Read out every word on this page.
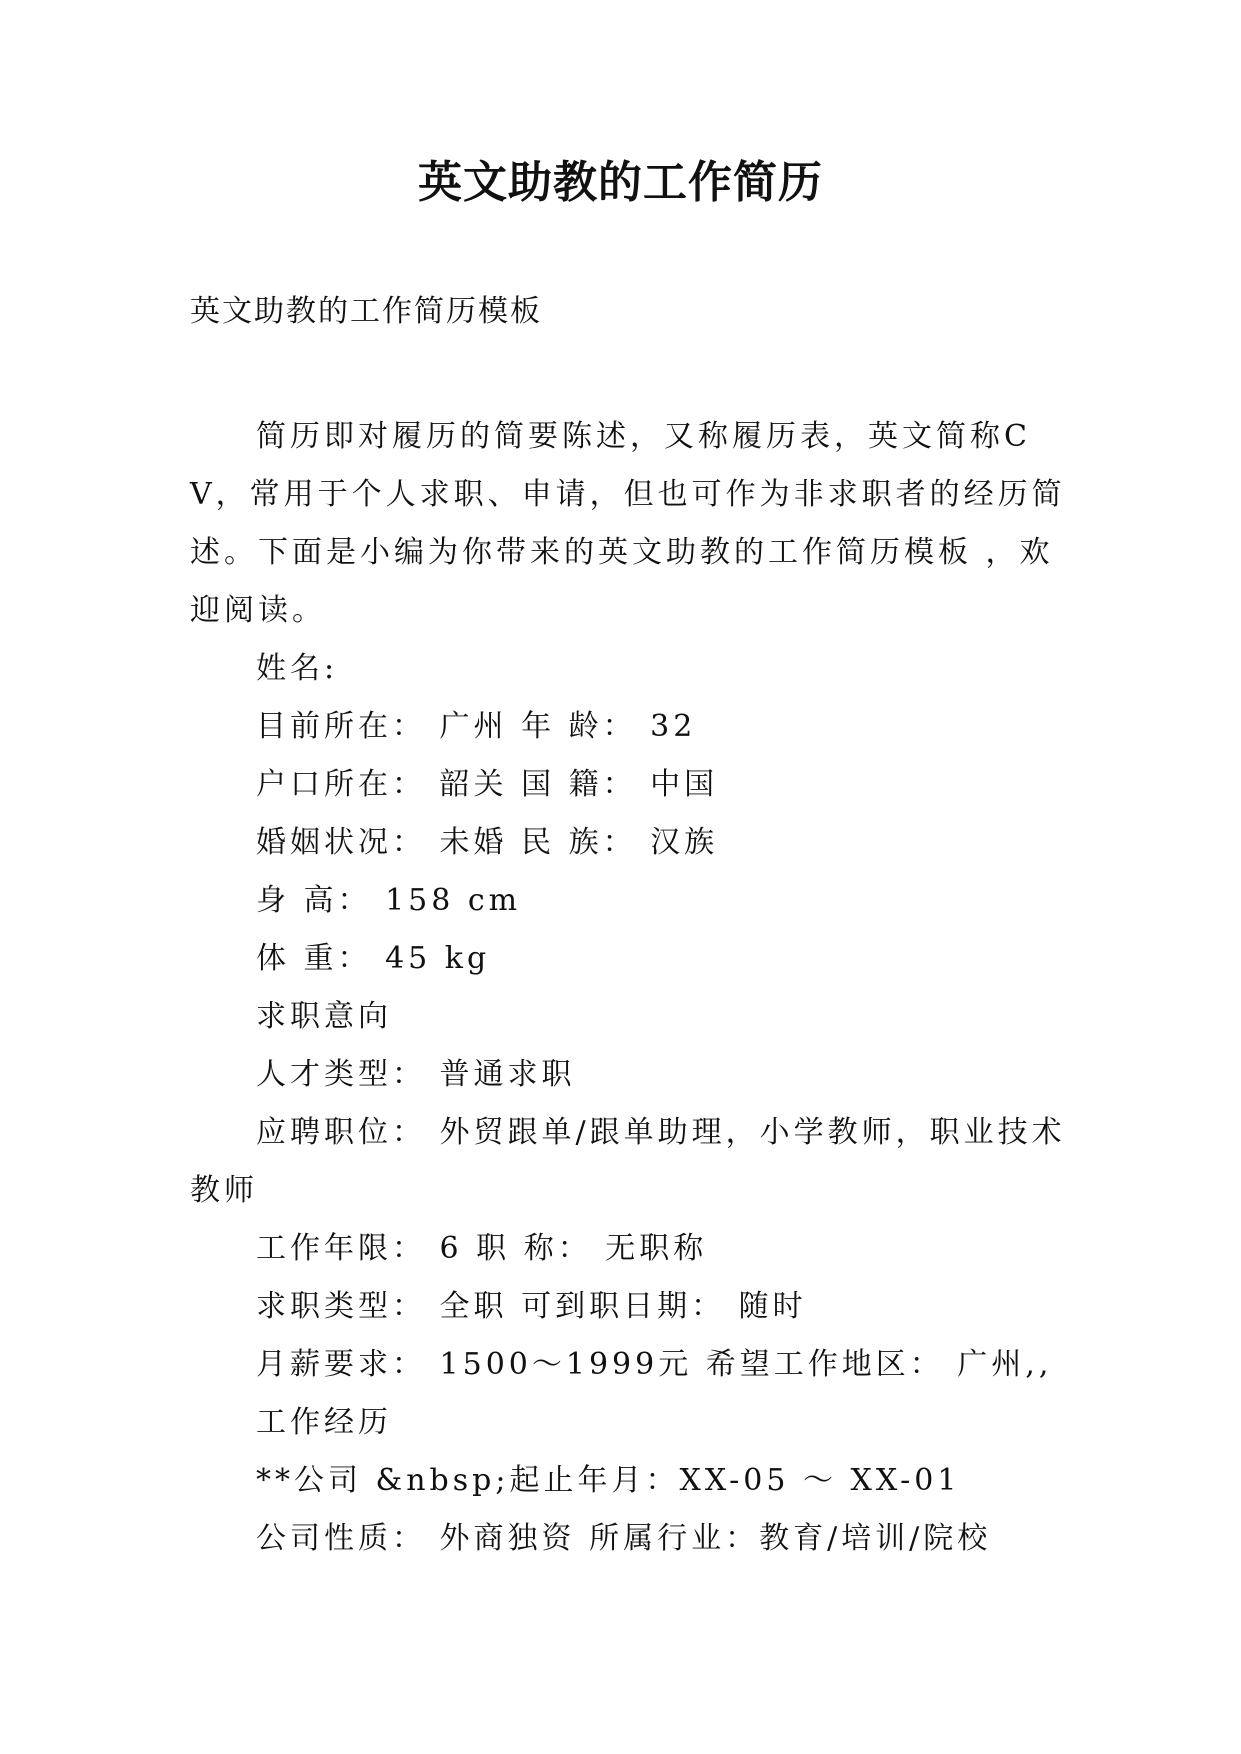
英文助教的工作简历

英文助教的工作简历模板

简历即对履历的简要陈述，又称履历表，英文简称CV，常用于个人求职、申请，但也可作为非求职者的经历简述。下面是小编为你带来的英文助教的工作简历模板 ，欢迎阅读。

姓名:

目前所在： 广州 年 龄： 32

户口所在： 韶关 国 籍： 中国

婚姻状况： 未婚 民 族： 汉族

身 高： 158 cm

体 重： 45 kg

求职意向

人才类型： 普通求职

应聘职位： 外贸跟单/跟单助理，小学教师，职业技术教师

工作年限： 6 职 称： 无职称

求职类型： 全职 可到职日期： 随时

月薪要求： 1500～1999元 希望工作地区： 广州,,

工作经历

**公司 &nbsp;起止年月：XX-05 ～ XX-01

公司性质： 外商独资 所属行业：教育/培训/院校
